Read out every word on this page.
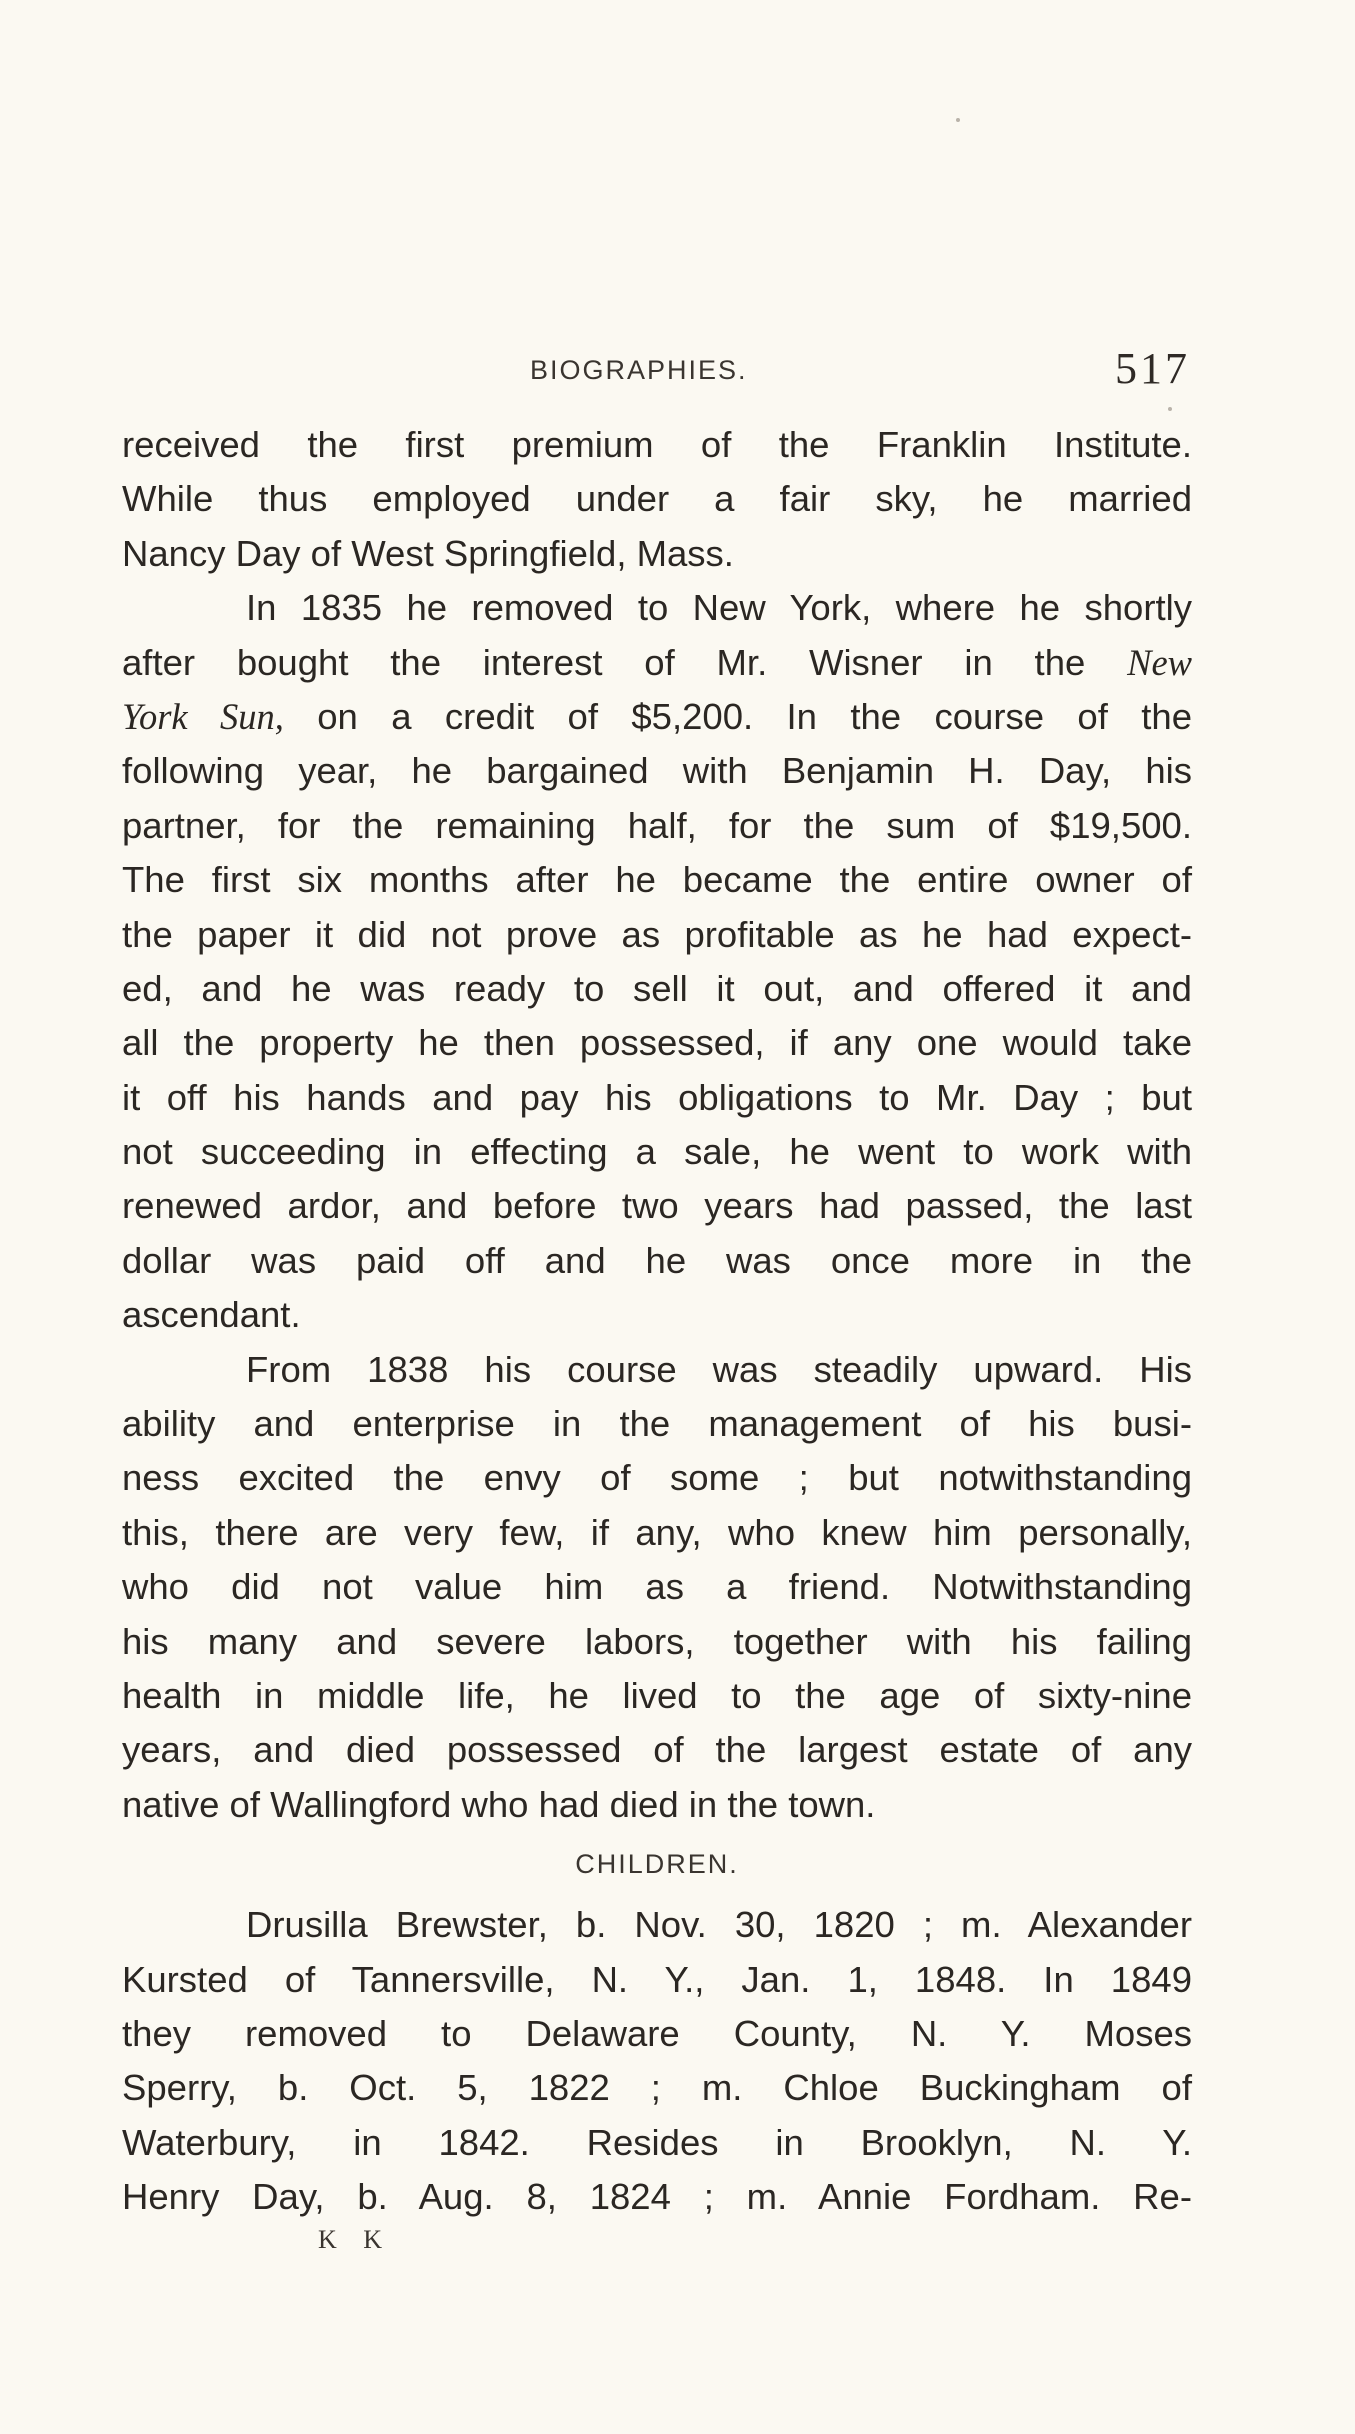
BIOGRAPHIES.	517
received the first premium of the Franklin Institute.
While thus employed under a fair sky, he married
Nancy Day of West Springfield, Mass.
In 1835 he removed to New York, where he shortly
after bought the interest of Mr. Wisner in the New
York Sun, on a credit of $5,200. In the course of the
following year, he bargained with Benjamin H. Day, his
partner, for the remaining half, for the sum of $19,500.
The first six months after he became the entire owner of
the paper it did not prove as profitable as he had expect-
ed, and he was ready to sell it out, and offered it and
all the property he then possessed, if any one would take
it off his hands and pay his obligations to Mr. Day ; but
not succeeding in effecting a sale, he went to work with
renewed ardor, and before two years had passed, the last
dollar was paid off and he was once more in the
ascendant.
From 1838 his course was steadily upward. His
ability and enterprise in the management of his busi-
ness excited the envy of some ; but notwithstanding
this, there are very few, if any, who knew him personally,
who did not value him as a friend. Notwithstanding
his many and severe labors, together with his failing
health in middle life, he lived to the age of sixty-nine
years, and died possessed of the largest estate of any
native of Wallingford who had died in the town.
CHILDREN.
Drusilla Brewster, b. Nov. 30, 1820 ; m. Alexander
Kursted of Tannersville, N. Y., Jan. 1, 1848. In 1849
they removed to Delaware County, N. Y. Moses
Sperry, b. Oct. 5, 1822 ; m. Chloe Buckingham of
Waterbury, in 1842. Resides in Brooklyn, N. Y.
Henry Day, b. Aug. 8, 1824 ; m. Annie Fordham. Re-
K K
